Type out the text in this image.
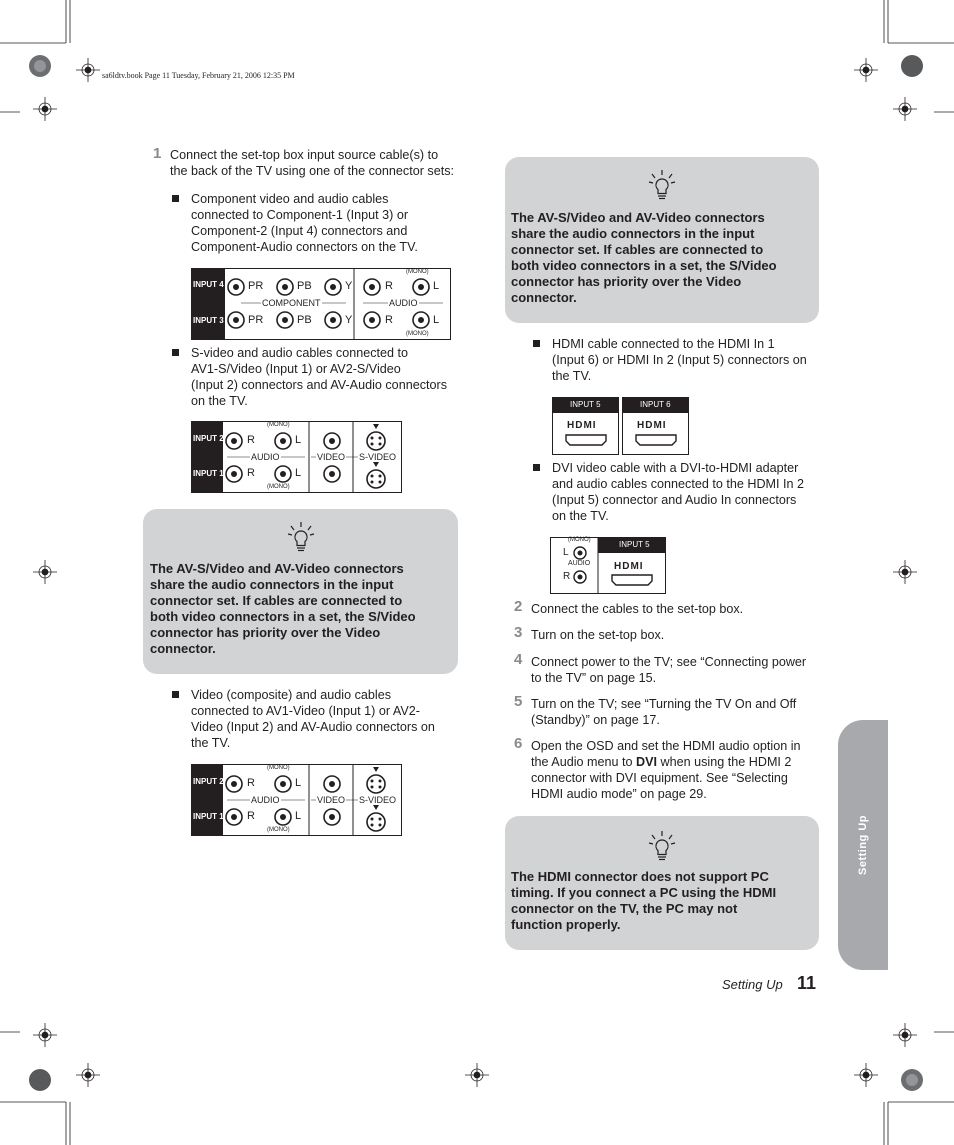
sa6ldtv.book Page 11 Tuesday, February 21, 2006 12:35 PM
1 Connect the set-top box input source cable(s) to
the back of the TV using one of the connector sets:
Component video and audio cables
connected to Component-1 (Input 3) or
Component-2 (Input 4) connectors and
Component-Audio connectors on the TV.
INPUT 4
INPUT 3
PR	PB	Y	R	L
PR	PB	Y	R	L
COMPONENT	AUDIO
(MONO)
(MONO)
S-video and audio cables connected to
AV1-S/Video (Input 1) or AV2-S/Video
(Input 2) connectors and AV-Audio connectors
on the TV.
INPUT 2
INPUT 1
R	L
R	L
AUDIO	VIDEO S-VIDEO
(MONO)
(MONO)
The AV-S/Video and AV-Video connectors
share the audio connectors in the input
connector set. If cables are connected to
both video connectors in a set, the S/Video
connector has priority over the Video
connector.
Video (composite) and audio cables
connected to AV1-Video (Input 1) or AV2-
Video (Input 2) and AV-Audio connectors on
the TV.
INPUT 2
INPUT 1
R	L
R	L
AUDIO	VIDEO S-VIDEO
(MONO)
(MONO)
The AV-S/Video and AV-Video connectors
share the audio connectors in the input
connector set. If cables are connected to
both video connectors in a set, the S/Video
connector has priority over the Video
connector.
HDMI cable connected to the HDMI In 1
(Input 6) or HDMI In 2 (Input 5) connectors on
the TV.
INPUT 5	INPUT 6
HDMI	HDMI
DVI video cable with a DVI-to-HDMI adapter
and audio cables connected to the HDMI In 2
(Input 5) connector and Audio In connectors
on the TV.
(MONO)
L
AUDIO
R
INPUT 5
HDMI
2 Connect the cables to the set-top box.
3 Turn on the set-top box.
4 Connect power to the TV; see “Connecting power
to the TV” on page 15.
5 Turn on the TV; see “Turning the TV On and Off
(Standby)” on page 17.
6 Open the OSD and set the HDMI audio option in
the Audio menu to DVI when using the HDMI 2
connector with DVI equipment. See “Selecting
HDMI audio mode” on page 29.
The HDMI connector does not support PC
timing. If you connect a PC using the HDMI
connector on the TV, the PC may not
function properly.
Setting Up
Setting Up 11
